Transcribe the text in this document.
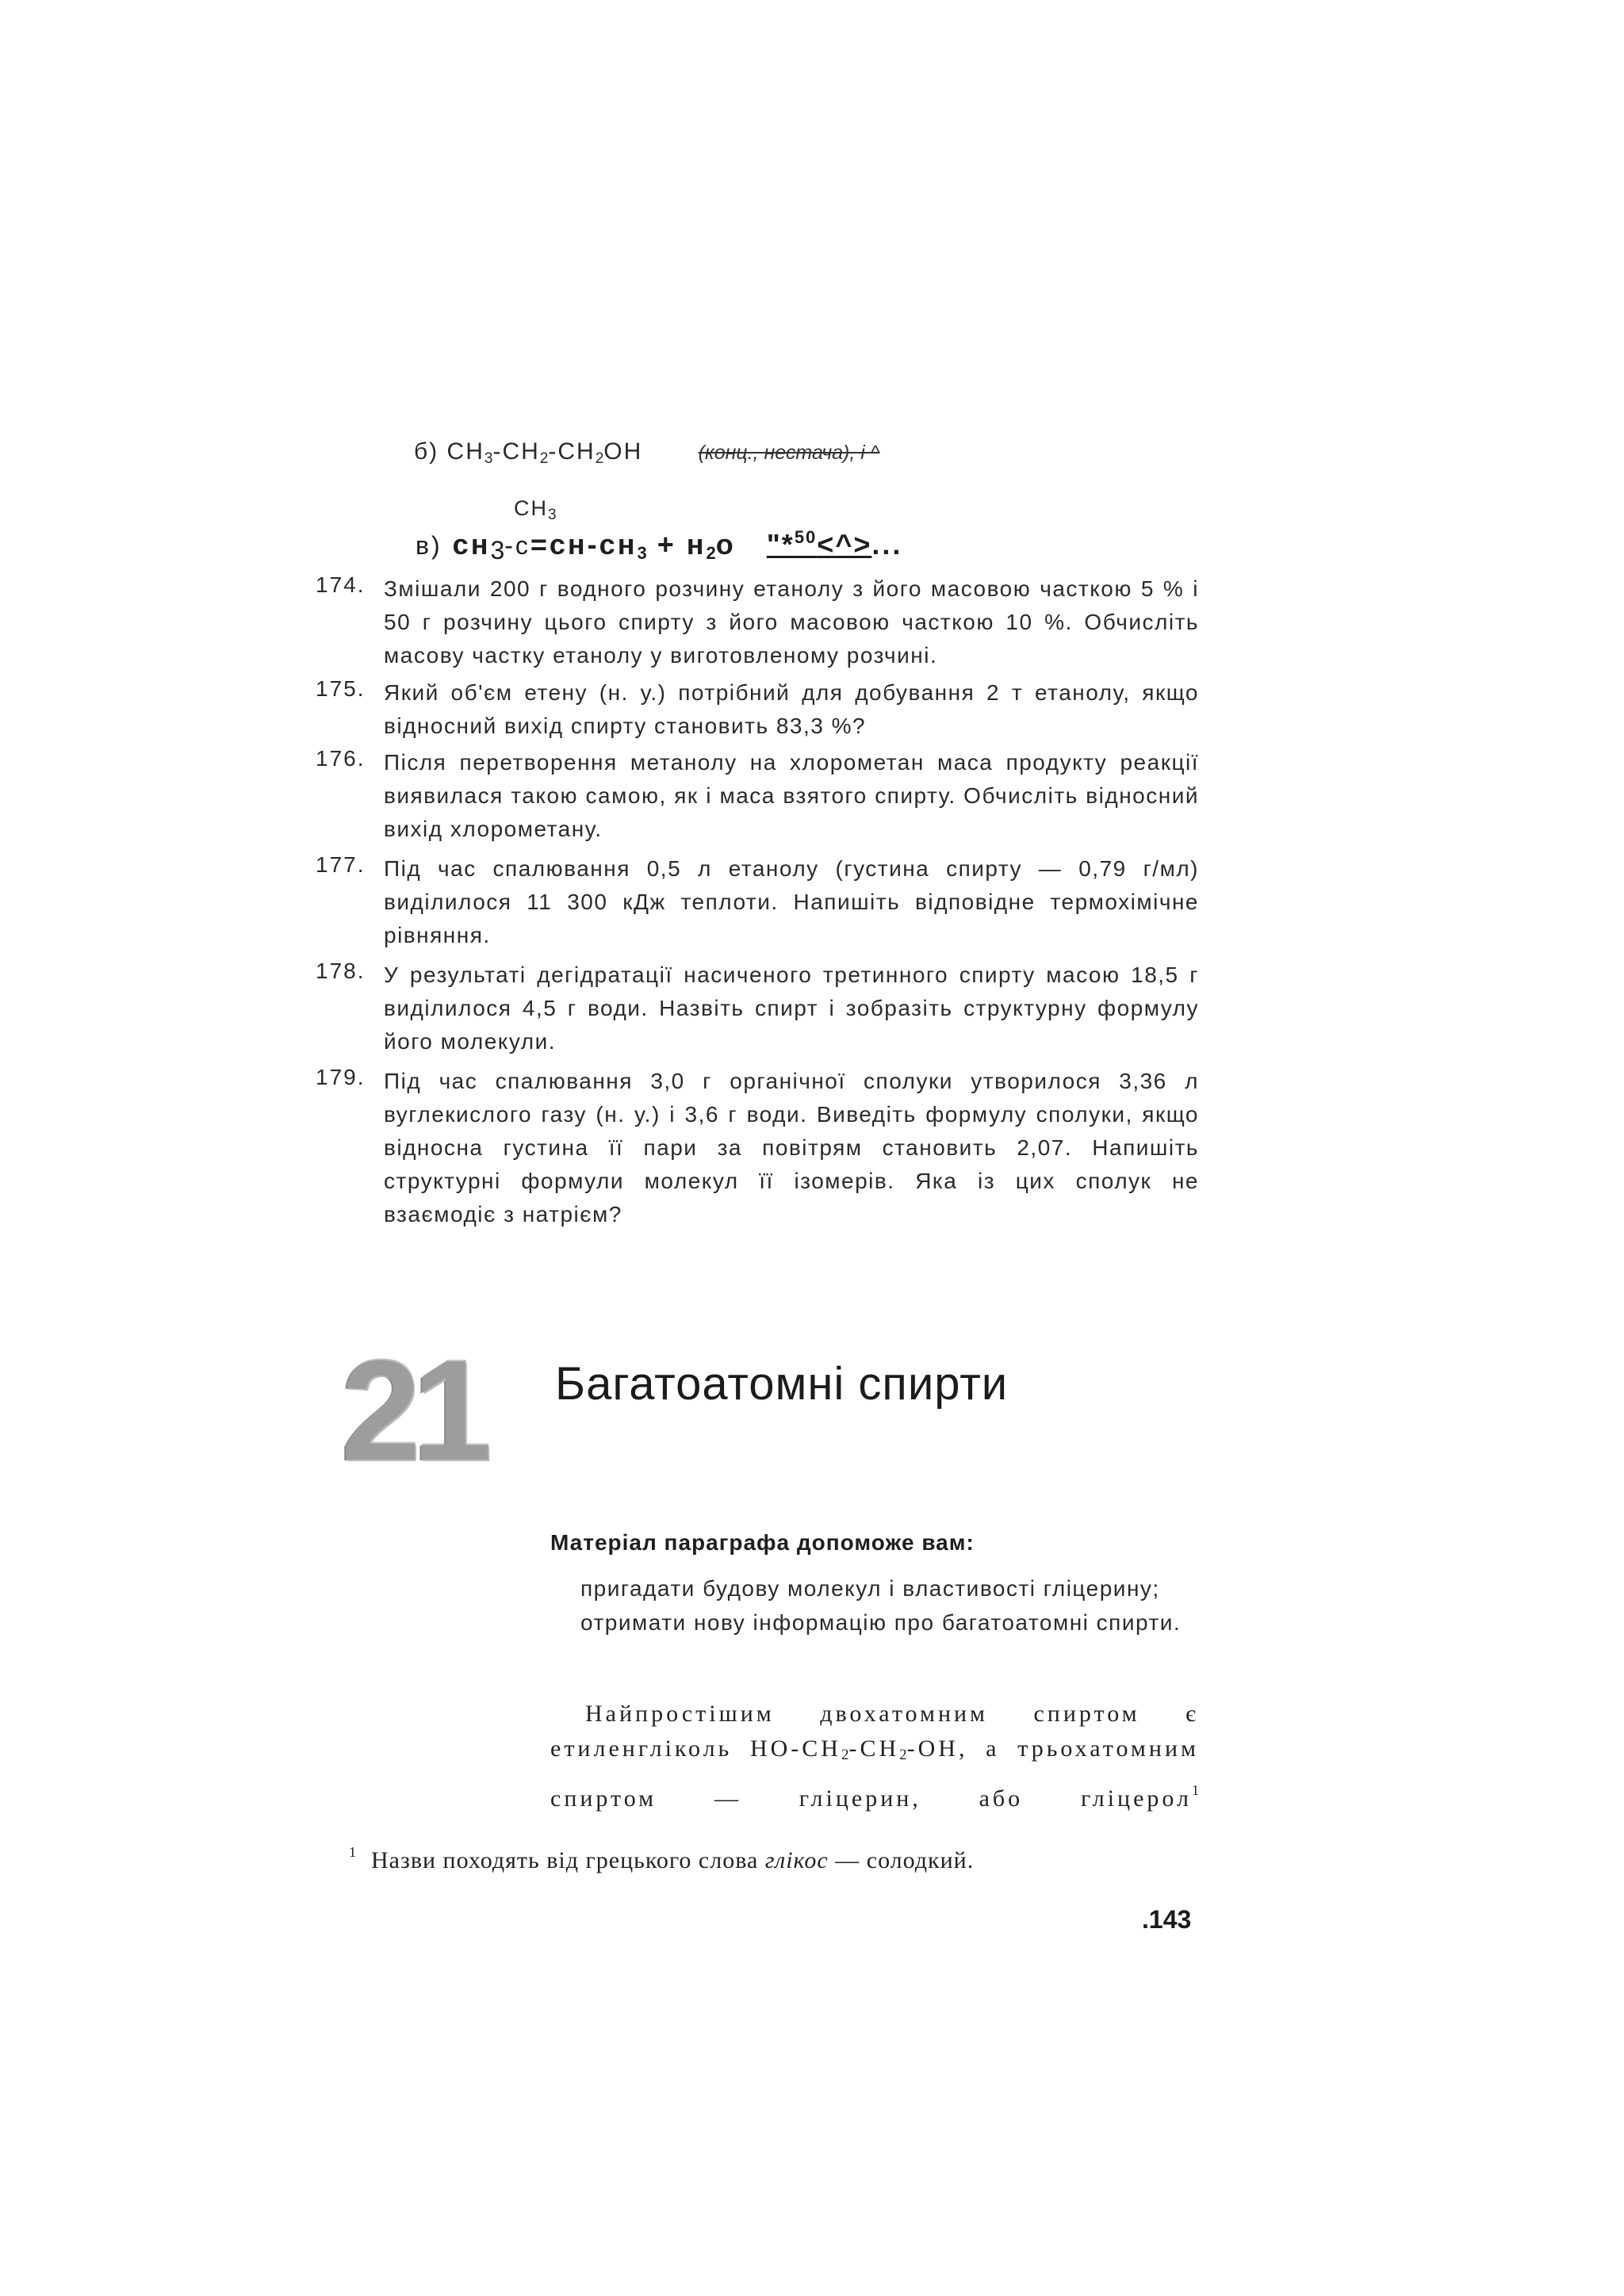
б) $CH_3-CH_2-CH_2OH$	(конц., нестача), і ^
$CH_3$
в) $сн_3-с=сн-сн_3 + н_2о$ "*$^{50}$<^>...
174. Змішали 200 г водного розчину етанолу з його масовою часткою 5 % і 50 г розчину цього спирту з його масовою часткою 10 %. Обчисліть масову частку етанолу у виготовленому розчині.
175. Який об'єм етену (н. у.) потрібний для добування 2 т етанолу, якщо відносний вихід спирту становить 83,3 %?
176. Після перетворення метанолу на хлорометан маса продукту реакції виявилася такою самою, як і маса взятого спирту. Обчисліть відносний вихід хлорометану.
177. Під час спалювання 0,5 л етанолу (густина спирту — 0,79 г/мл) виділилося 11 300 кДж теплоти. Напишіть відповідне термохімічне рівняння.
178. У результаті дегідратації насиченого третинного спирту масою 18,5 г виділилося 4,5 г води. Назвіть спирт і зобразіть структурну формулу його молекули.
179. Під час спалювання 3,0 г органічної сполуки утворилося 3,36 л вуглекислого газу (н. у.) і 3,6 г води. Виведіть формулу сполуки, якщо відносна густина її пари за повітрям становить 2,07. Напишіть структурні формули молекул її ізомерів. Яка із цих сполук не взаємодіє з натрієм?
21 Багатоатомні спирти
Матеріал параграфа допоможе вам:
пригадати будову молекул і властивості гліцерину;
отримати нову інформацію про багатоатомні спирти.
Найпростішим двохатомним спиртом є етиленгліколь $НО-СН_2-СН_2-ОН$, а трьохатомним спиртом — гліцерин, або гліцерол$^1$
$^1$ Назви походять від грецького слова глікос — солодкий.
.143
